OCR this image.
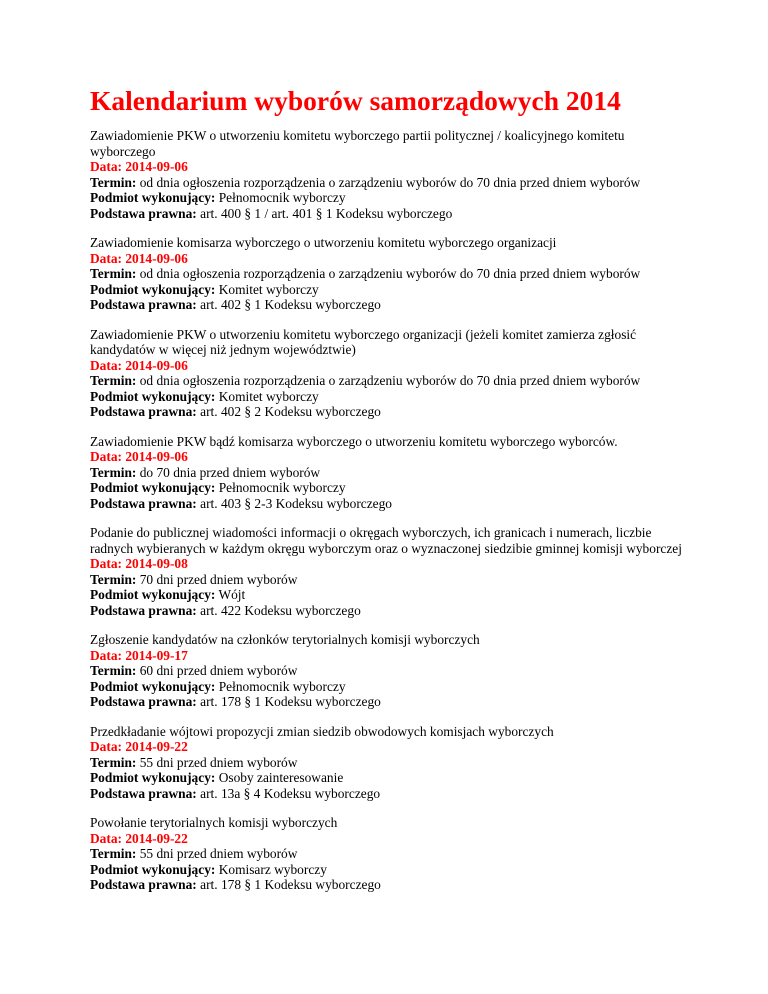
Kalendarium wyborów samorządowych 2014
Zawiadomienie PKW o utworzeniu komitetu wyborczego partii politycznej / koalicyjnego komitetu wyborczego
Data: 2014-09-06
Termin: od dnia ogłoszenia rozporządzenia o zarządzeniu wyborów do 70 dnia przed dniem wyborów
Podmiot wykonujący: Pełnomocnik wyborczy
Podstawa prawna: art. 400 § 1 / art. 401 § 1 Kodeksu wyborczego
Zawiadomienie komisarza wyborczego o utworzeniu komitetu wyborczego organizacji
Data: 2014-09-06
Termin: od dnia ogłoszenia rozporządzenia o zarządzeniu wyborów do 70 dnia przed dniem wyborów
Podmiot wykonujący: Komitet wyborczy
Podstawa prawna: art. 402 § 1 Kodeksu wyborczego
Zawiadomienie PKW o utworzeniu komitetu wyborczego organizacji (jeżeli komitet zamierza zgłosić kandydatów w więcej niż jednym województwie)
Data: 2014-09-06
Termin: od dnia ogłoszenia rozporządzenia o zarządzeniu wyborów do 70 dnia przed dniem wyborów
Podmiot wykonujący: Komitet wyborczy
Podstawa prawna: art. 402 § 2 Kodeksu wyborczego
Zawiadomienie PKW bądź komisarza wyborczego o utworzeniu komitetu wyborczego wyborców.
Data: 2014-09-06
Termin: do 70 dnia przed dniem wyborów
Podmiot wykonujący: Pełnomocnik wyborczy
Podstawa prawna: art. 403 § 2-3 Kodeksu wyborczego
Podanie do publicznej wiadomości informacji o okręgach wyborczych, ich granicach i numerach, liczbie radnych wybieranych w każdym okręgu wyborczym oraz o wyznaczonej siedzibie gminnej komisji wyborczej
Data: 2014-09-08
Termin: 70 dni przed dniem wyborów
Podmiot wykonujący: Wójt
Podstawa prawna: art. 422 Kodeksu wyborczego
Zgłoszenie kandydatów na członków terytorialnych komisji wyborczych
Data: 2014-09-17
Termin: 60 dni przed dniem wyborów
Podmiot wykonujący: Pełnomocnik wyborczy
Podstawa prawna: art. 178 § 1 Kodeksu wyborczego
Przedkładanie wójtowi propozycji zmian siedzib obwodowych komisjach wyborczych
Data: 2014-09-22
Termin: 55 dni przed dniem wyborów
Podmiot wykonujący: Osoby zainteresowanie
Podstawa prawna: art. 13a § 4 Kodeksu wyborczego
Powołanie terytorialnych komisji wyborczych
Data: 2014-09-22
Termin: 55 dni przed dniem wyborów
Podmiot wykonujący: Komisarz wyborczy
Podstawa prawna: art. 178 § 1 Kodeksu wyborczego
